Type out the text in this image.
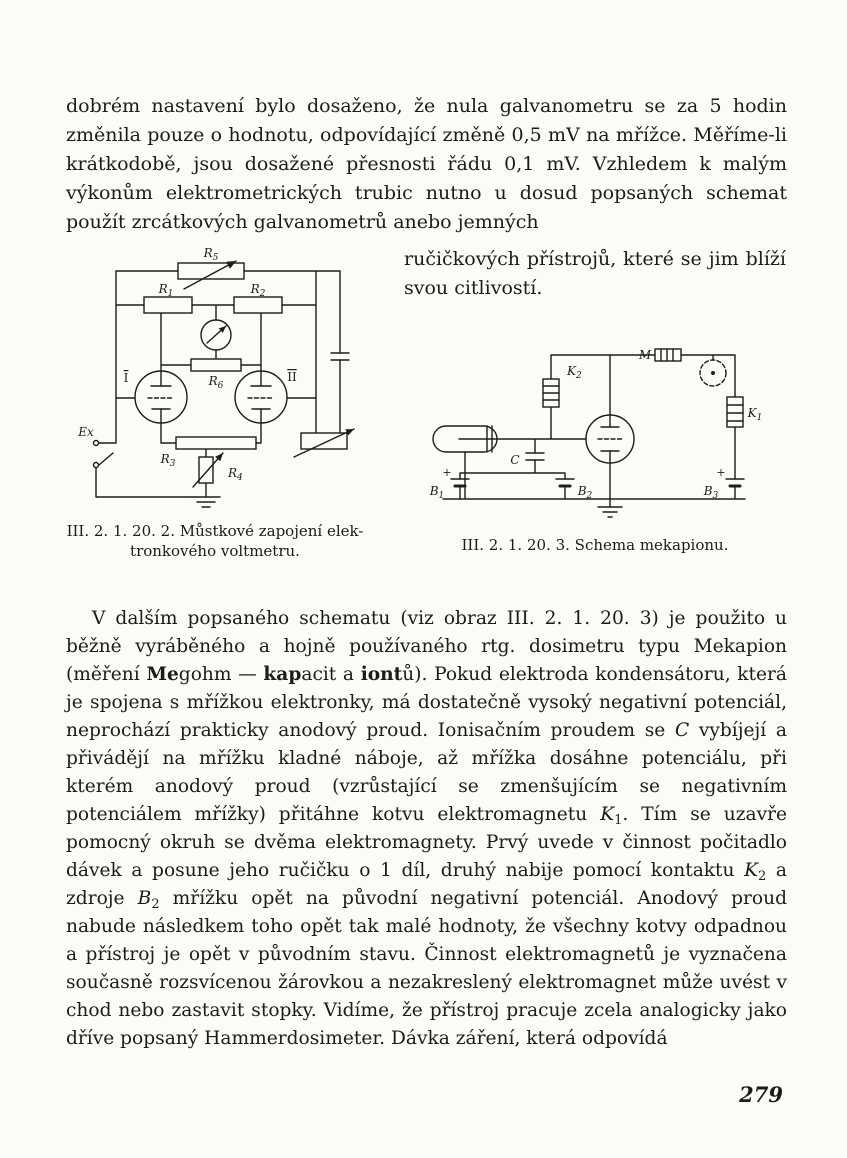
dobrém nastavení bylo dosaženo, že nula galvanometru se za 5 hodin změnila pouze o hodnotu, odpovídající změně 0,5 mV na mřížce. Měříme-li krátkodobě, jsou dosažené přesnosti řádu 0,1 mV. Vzhledem k malým výkonům elektrometrických trubic nutno u dosud popsaných schemat použít zrcátkových galvanometrů anebo jemných

$R_5$
$R_1$	$R_2$
I	II
$R_6$
$R_3$
$R_4$
Ex
III. 2. 1. 20. 2. Můstkové zapojení elek-
tronkového voltmetru.

ručičkových přístrojů, které se jim blíží svou citlivostí.

$K_2$
M
$K_1$
C
$B_1$	$B_2$	$B_3$
+	+
III. 2. 1. 20. 3. Schema mekapionu.

V dalším popsaného schematu (viz obraz III. 2. 1. 20. 3) je použito u běžně vyráběného a hojně používaného rtg. dosimetru typu Mekapion (měření Megohm — kapacit a iontů). Pokud elektroda kondensátoru, která je spojena s mřížkou elektronky, má dostatečně vysoký negativní potenciál, neprochází prakticky anodový proud. Ionisačním proudem se C vybíjejí a přivádějí na mřížku kladné náboje, až mřížka dosáhne potenciálu, při kterém anodový proud (vzrůstající se zmenšujícím se negativním potenciálem mřížky) přitáhne kotvu elektromagnetu $K_1$. Tím se uzavře pomocný okruh se dvěma elektromagnety. Prvý uvede v činnost počitadlo dávek a posune jeho ručičku o 1 díl, druhý nabije pomocí kontaktu $K_2$ a zdroje $B_2$ mřížku opět na původní negativní potenciál. Anodový proud nabude následkem toho opět tak malé hodnoty, že všechny kotvy odpadnou a přístroj je opět v původním stavu. Činnost elektromagnetů je vyznačena současně rozsvícenou žárovkou a nezakreslený elektromagnet může uvést v chod nebo zastavit stopky. Vidíme, že přístroj pracuje zcela analogicky jako dříve popsaný Hammerdosimeter. Dávka záření, která odpovídá

279
